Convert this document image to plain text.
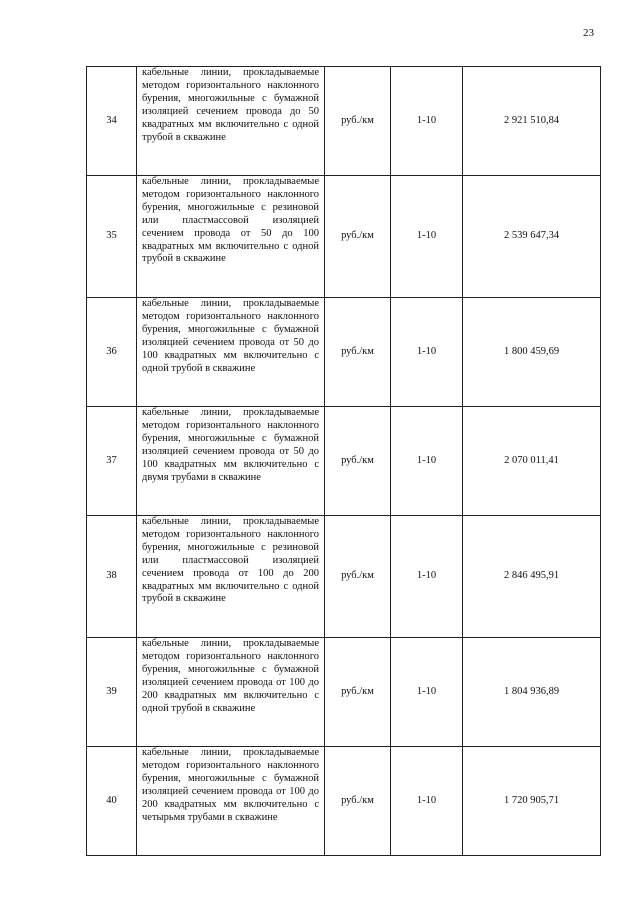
23
34	кабельные линии, прокладываемые методом горизонтального наклонного бурения, многожильные с бумажной изоляцией сечением провода до 50 квадратных мм включительно с одной трубой в скважине	руб./км	1-10	2 921 510,84
35	кабельные линии, прокладываемые методом горизонтального наклонного бурения, многожильные с резиновой или пластмассовой изоляцией сечением провода от 50 до 100 квадратных мм включительно с одной трубой в скважине	руб./км	1-10	2 539 647,34
36	кабельные линии, прокладываемые методом горизонтального наклонного бурения, многожильные с бумажной изоляцией сечением провода от 50 до 100 квадратных мм включительно с одной трубой в скважине	руб./км	1-10	1 800 459,69
37	кабельные линии, прокладываемые методом горизонтального наклонного бурения, многожильные с бумажной изоляцией сечением провода от 50 до 100 квадратных мм включительно с двумя трубами в скважине	руб./км	1-10	2 070 011,41
38	кабельные линии, прокладываемые методом горизонтального наклонного бурения, многожильные с резиновой или пластмассовой изоляцией сечением провода от 100 до 200 квадратных мм включительно с одной трубой в скважине	руб./км	1-10	2 846 495,91
39	кабельные линии, прокладываемые методом горизонтального наклонного бурения, многожильные с бумажной изоляцией сечением провода от 100 до 200 квадратных мм включительно с одной трубой в скважине	руб./км	1-10	1 804 936,89
40	кабельные линии, прокладываемые методом горизонтального наклонного бурения, многожильные с бумажной изоляцией сечением провода от 100 до 200 квадратных мм включительно с четырьмя трубами в скважине	руб./км	1-10	1 720 905,71
